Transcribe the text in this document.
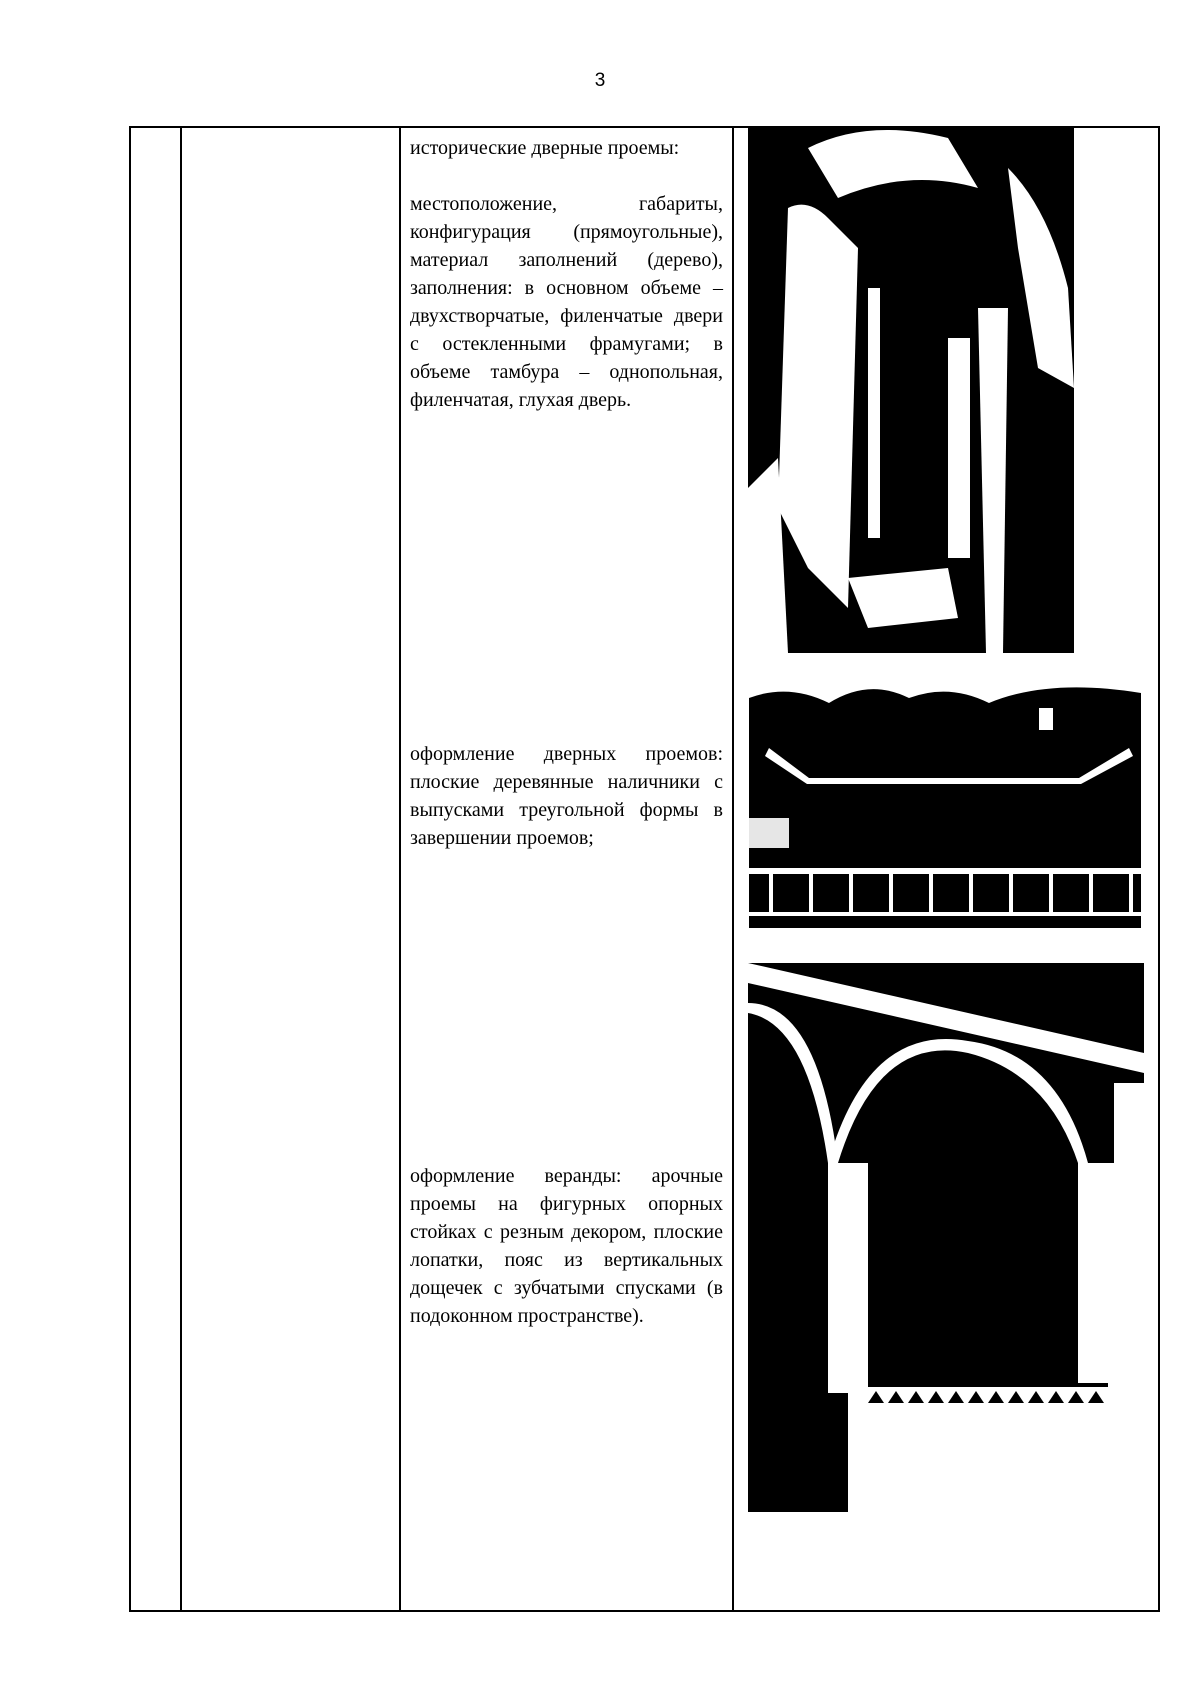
3

исторические дверные проемы:

местоположение, габариты, конфигурация (прямоугольные), материал заполнений (дерево), заполнения: в основном объеме – двухстворчатые, филенчатые двери с остекленными фрамугами; в объеме тамбура – однопольная, филенчатая, глухая дверь.

оформление дверных проемов: плоские деревянные наличники с выпусками треугольной формы в завершении проемов;

оформление веранды: арочные проемы на фигурных опорных стойках с резным декором, плоские лопатки, пояс из вертикальных дощечек с зубчатыми спусками (в подоконном пространстве).
